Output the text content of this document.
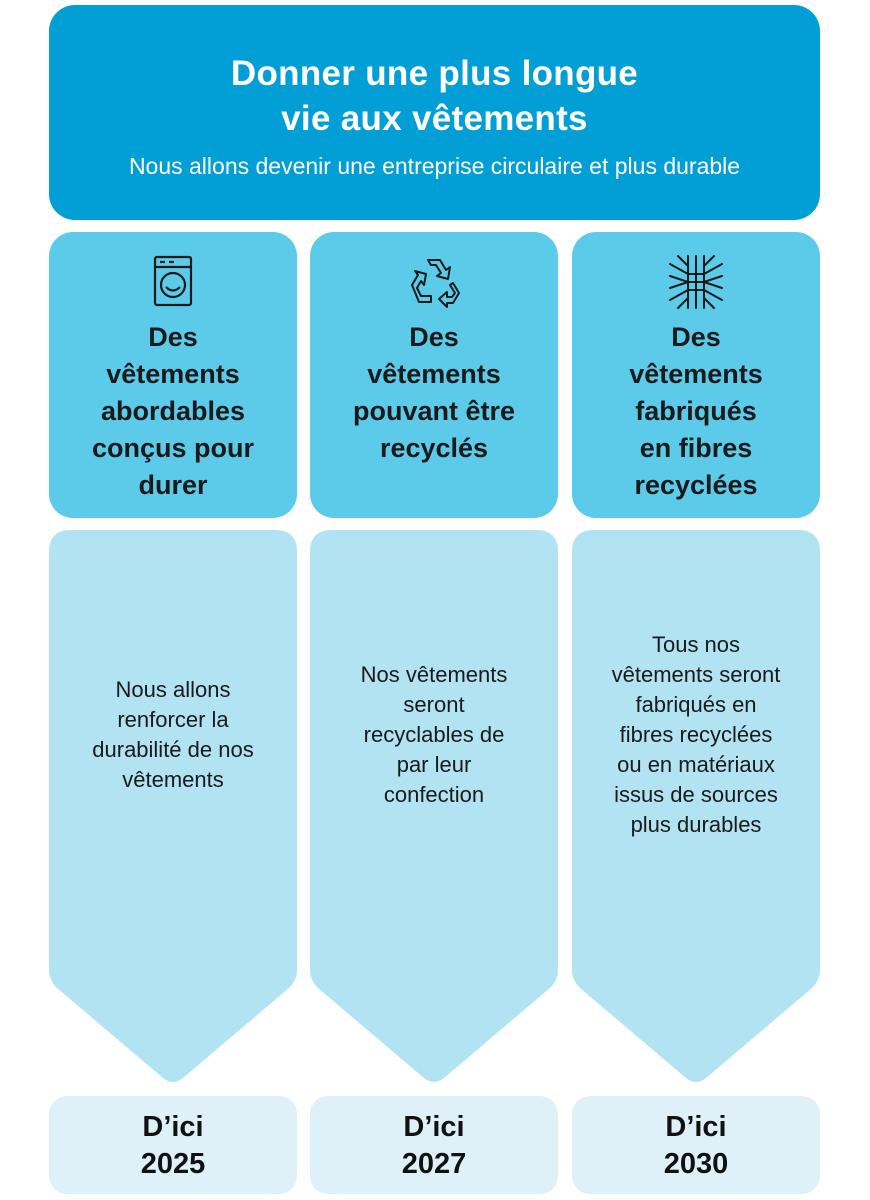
Donner une plus longue
vie aux vêtements

Nous allons devenir une entreprise circulaire et plus durable

Des
vêtements
abordables
conçus pour
durer

Nous allons
renforcer la
durabilité de nos
vêtements

D’ici
2025
Des
vêtements
pouvant être
recyclés

Nos vêtements
seront
recyclables de
par leur
confection

D’ici
2027
Des
vêtements
fabriqués
en fibres
recyclées

Tous nos
vêtements seront
fabriqués en
fibres recyclées
ou en matériaux
issus de sources
plus durables

D’ici
2030
